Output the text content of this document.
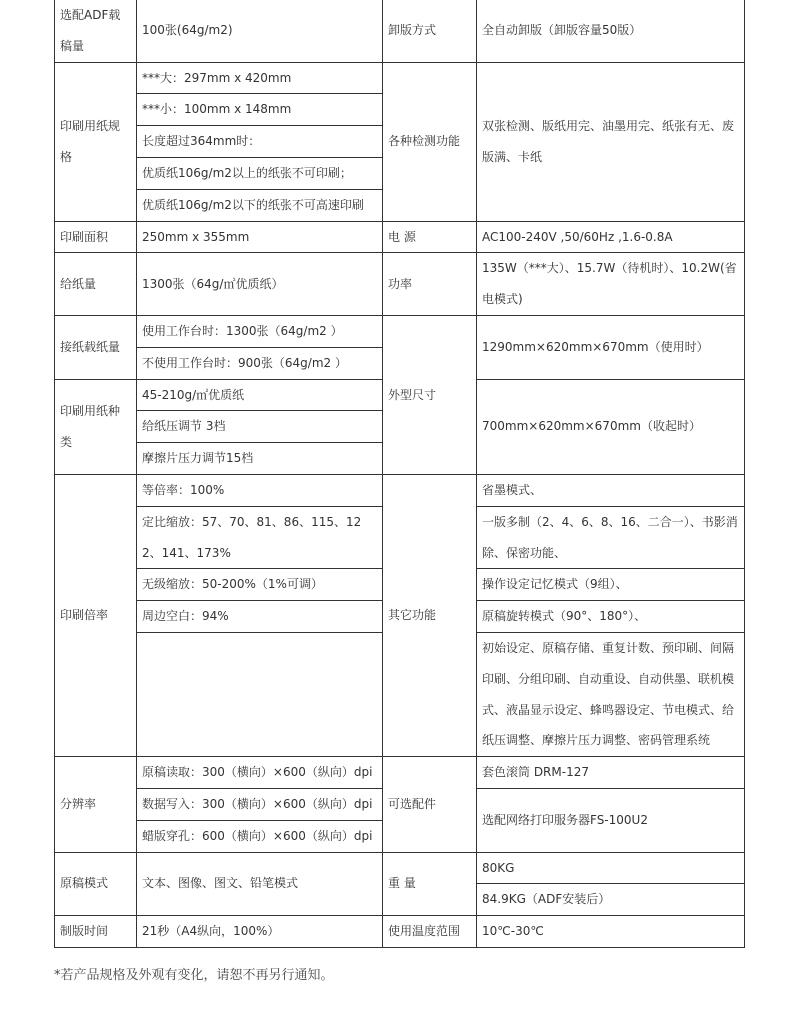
选配ADF载稿量	100张(64g/m2)	卸版方式	全自动卸版（卸版容量50版）
印刷用纸规格	***大：297mm x 420mm	各种检测功能	双张检测、版纸用完、油墨用完、纸张有无、废版满、卡纸
	***小：100mm x 148mm		
	长度超过364mm时：		
	优质纸106g/m2以上的纸张不可印刷；		
	优质纸106g/m2以下的纸张不可高速印刷		
印刷面积	250mm x 355mm	电 源	AC100-240V ,50/60Hz ,1.6-0.8A
给纸量	1300张（64g/㎡优质纸）	功率	135W（***大）、15.7W（待机时）、10.2W(省电模式)
接纸载纸量	使用工作台时：1300张（64g/m2 ）	外型尺寸	1290mm×620mm×670mm（使用时）
	不使用工作台时：900张（64g/m2 ）		
印刷用纸种类	45-210g/㎡优质纸		700mm×620mm×670mm（收起时）
	给纸压调节 3档		
	摩擦片压力调节15档		
印刷倍率	等倍率：100%	其它功能	省墨模式、
	定比缩放：57、70、81、86、115、122、141、173%		一版多制（2、4、6、8、16、二合一）、书影消除、保密功能、
	无级缩放：50-200%（1%可调）		操作设定记忆模式（9组）、
	周边空白：94%		原稿旋转模式（90°、180°）、
			初始设定、原稿存储、重复计数、预印刷、间隔印刷、分组印刷、自动重设、自动供墨、联机模式、液晶显示设定、蜂鸣器设定、节电模式、给纸压调整、摩擦片压力调整、密码管理系统
分辨率	原稿读取：300（横向）×600（纵向）dpi	可选配件	套色滚筒 DRM-127
	数据写入：300（横向）×600（纵向）dpi		选配网络打印服务器FS-100U2
	蜡版穿孔：600（横向）×600（纵向）dpi		
原稿模式	文本、图像、图文、铅笔模式	重 量	80KG
			84.9KG（ADF安装后）
制版时间	21秒（A4纵向，100%）	使用温度范围	10℃-30℃
*若产品规格及外观有变化，请恕不再另行通知。
